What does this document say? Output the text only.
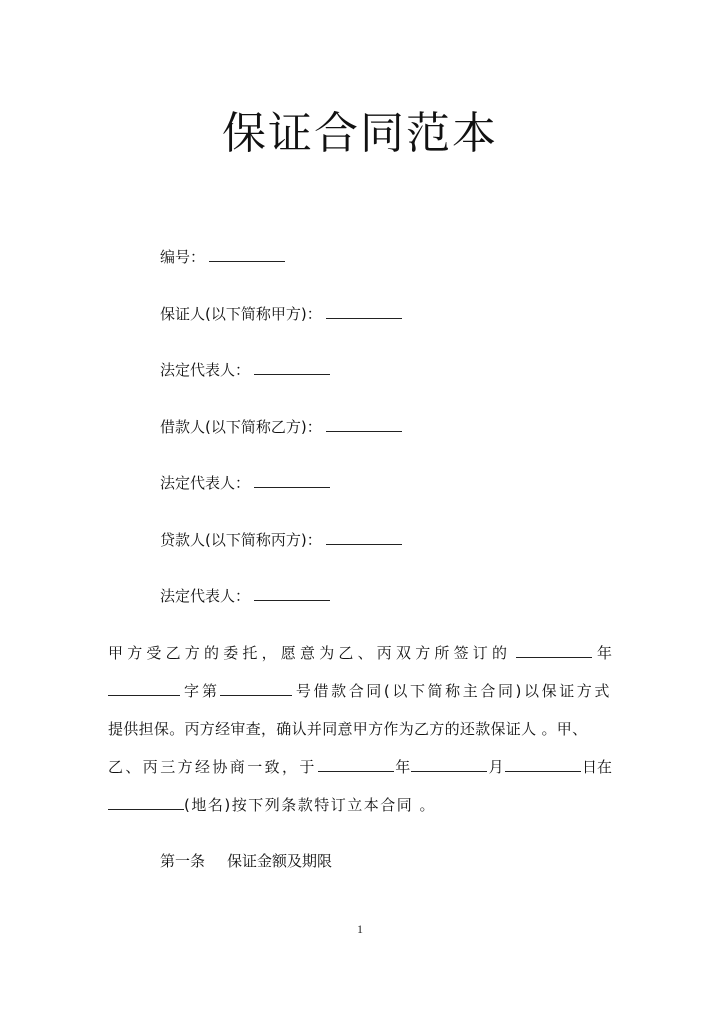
保证合同范本
编号：
保证人(以下简称甲方)：
法定代表人：
借款人(以下简称乙方)：
法定代表人：
贷款人(以下简称丙方)：
法定代表人：
甲方受乙方的委托，愿意为乙、丙双方所签订的	年
字第	号借款合同(以下简称主合同)以保证方式
提供担保。丙方经审查，确认并同意甲方作为乙方的还款保证人 。甲、
乙、丙三方经协商一致，于	年	月	日在
(地名)按下列条款特订立本合同 。
第一条 保证金额及期限
1
